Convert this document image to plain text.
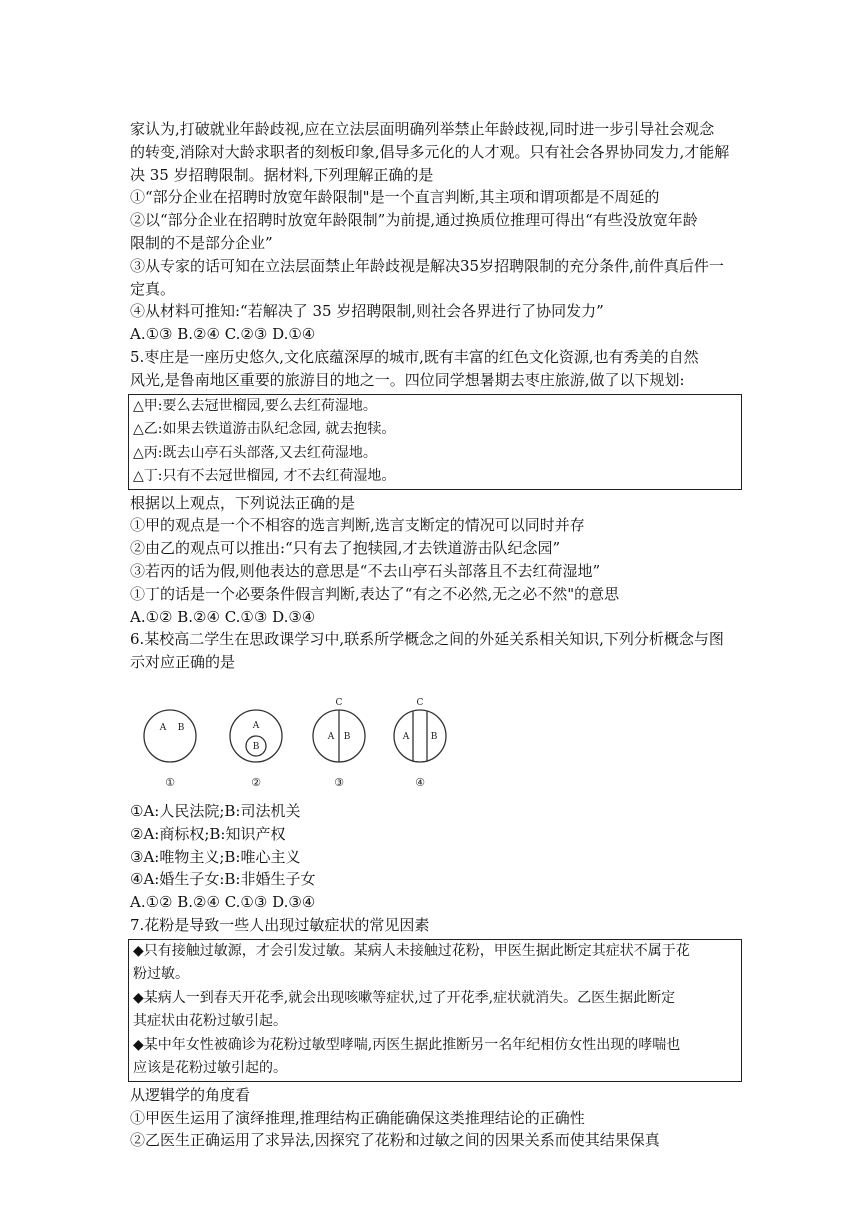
家认为,打破就业年龄歧视,应在立法层面明确列举禁止年龄歧视,同时进一步引导社会观念
的转变,消除对大龄求职者的刻板印象,倡导多元化的人才观。只有社会各界协同发力,才能解
决 35 岁招聘限制。据材料,下列理解正确的是
①“部分企业在招聘时放宽年龄限制"是一个直言判断,其主项和谓项都是不周延的
②以“部分企业在招聘时放宽年龄限制”为前提,通过换质位推理可得出“有些没放宽年龄
限制的不是部分企业”
③从专家的话可知在立法层面禁止年龄歧视是解决35岁招聘限制的充分条件,前件真后件一
定真。
④从材料可推知:“若解决了 35 岁招聘限制,则社会各界进行了协同发力”
A.①③ B.②④ C.②③ D.①④
5.枣庄是一座历史悠久,文化底蕴深厚的城市,既有丰富的红色文化资源,也有秀美的自然
风光,是鲁南地区重要的旅游目的地之一。四位同学想暑期去枣庄旅游,做了以下规划:
△甲:要么去冠世榴园,要么去红荷湿地。
△乙:如果去铁道游击队纪念园, 就去抱犊。
△丙:既去山亭石头部落,又去红荷湿地。
△丁:只有不去冠世榴园, 才不去红荷湿地。
根据以上观点，下列说法正确的是
①甲的观点是一个不相容的选言判断,选言支断定的情况可以同时并存
②由乙的观点可以推出:“只有去了抱犊园,才去铁道游击队纪念园”
③若丙的话为假,则他表达的意思是“不去山亭石头部落且不去红荷湿地”
①丁的话是一个必要条件假言判断,表达了“有之不必然,无之必不然"的意思
A.①② B.②④ C.①③ D.③④
6.某校高二学生在思政课学习中,联系所学概念之间的外延关系相关知识,下列分析概念与图
示对应正确的是
A B	A
B
C
A B
C
A B
①	②	③	④
①A:人民法院;B:司法机关
②A:商标权;B:知识产权
③A:唯物主义;B:唯心主义
④A:婚生子女:B:非婚生子女
A.①② B.②④ C.①③ D.③④
7.花粉是导致一些人出现过敏症状的常见因素
◆只有接触过敏源，才会引发过敏。某病人未接触过花粉，甲医生据此断定其症状不属于花
粉过敏。
◆某病人一到春天开花季,就会出现咳嗽等症状,过了开花季,症状就消失。乙医生据此断定
其症状由花粉过敏引起。
◆某中年女性被确诊为花粉过敏型哮喘,丙医生据此推断另一名年纪相仿女性出现的哮喘也
应该是花粉过敏引起的。
从逻辑学的角度看
①甲医生运用了演绎推理,推理结构正确能确保这类推理结论的正确性
②乙医生正确运用了求异法,因探究了花粉和过敏之间的因果关系而使其结果保真
